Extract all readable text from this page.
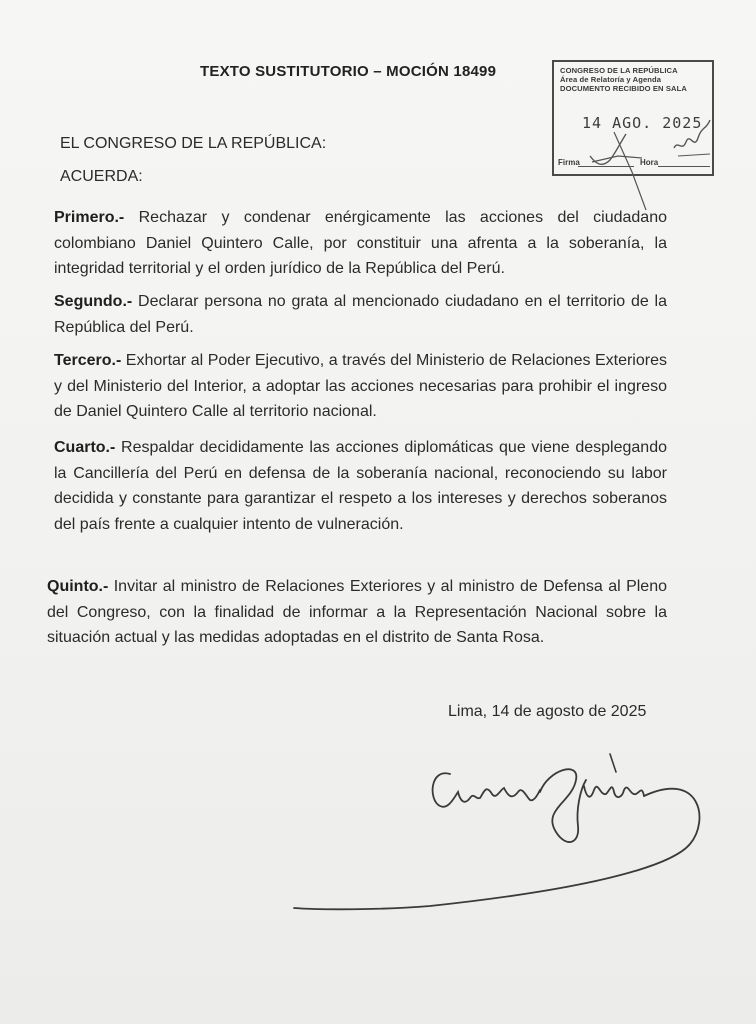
TEXTO SUSTITUTORIO – MOCIÓN 18499	CONGRESO DE LA REPÚBLICA
Área de Relatoría y Agenda
DOCUMENTO RECIBIDO EN SALA
14 AGO. 2025
Firma	Hora
EL CONGRESO DE LA REPÚBLICA:
ACUERDA:
Primero.- Rechazar y condenar enérgicamente las acciones del ciudadano colombiano Daniel Quintero Calle, por constituir una afrenta a la soberanía, la integridad territorial y el orden jurídico de la República del Perú.
Segundo.- Declarar persona no grata al mencionado ciudadano en el territorio de la República del Perú.
Tercero.- Exhortar al Poder Ejecutivo, a través del Ministerio de Relaciones Exteriores y del Ministerio del Interior, a adoptar las acciones necesarias para prohibir el ingreso de Daniel Quintero Calle al territorio nacional.
Cuarto.- Respaldar decididamente las acciones diplomáticas que viene desplegando la Cancillería del Perú en defensa de la soberanía nacional, reconociendo su labor decidida y constante para garantizar el respeto a los intereses y derechos soberanos del país frente a cualquier intento de vulneración.
Quinto.- Invitar al ministro de Relaciones Exteriores y al ministro de Defensa al Pleno del Congreso, con la finalidad de informar a la Representación Nacional sobre la situación actual y las medidas adoptadas en el distrito de Santa Rosa.
Lima, 14 de agosto de 2025
